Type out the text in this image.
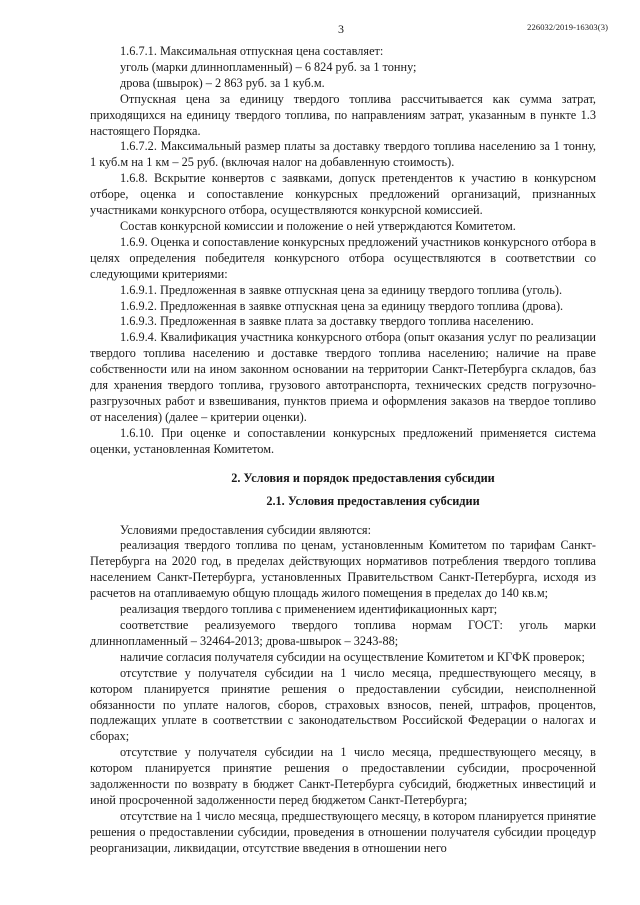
3	226032/2019-16303(3)

1.6.7.1. Максимальная отпускная цена составляет:

уголь (марки длиннопламенный) – 6 824 руб. за 1 тонну;

дрова (швырок) – 2 863 руб. за 1 куб.м.

Отпускная цена за единицу твердого топлива рассчитывается как сумма затрат, приходящихся на единицу твердого топлива, по направлениям затрат, указанным в пункте 1.3 настоящего Порядка.

1.6.7.2. Максимальный размер платы за доставку твердого топлива населению за 1 тонну, 1 куб.м на 1 км – 25 руб. (включая налог на добавленную стоимость).

1.6.8. Вскрытие конвертов с заявками, допуск претендентов к участию в конкурсном отборе, оценка и сопоставление конкурсных предложений организаций, признанных участниками конкурсного отбора, осуществляются конкурсной комиссией.

Состав конкурсной комиссии и положение о ней утверждаются Комитетом.

1.6.9. Оценка и сопоставление конкурсных предложений участников конкурсного отбора в целях определения победителя конкурсного отбора осуществляются в соответствии со следующими критериями:

1.6.9.1. Предложенная в заявке отпускная цена за единицу твердого топлива (уголь).

1.6.9.2. Предложенная в заявке отпускная цена за единицу твердого топлива (дрова).

1.6.9.3. Предложенная в заявке плата за доставку твердого топлива населению.

1.6.9.4. Квалификация участника конкурсного отбора (опыт оказания услуг по реализации твердого топлива населению и доставке твердого топлива населению; наличие на праве собственности или на ином законном основании на территории Санкт-Петербурга складов, баз для хранения твердого топлива, грузового автотранспорта, технических средств погрузочно-разгрузочных работ и взвешивания, пунктов приема и оформления заказов на твердое топливо от населения) (далее – критерии оценки).

1.6.10. При оценке и сопоставлении конкурсных предложений применяется система оценки, установленная Комитетом.

2. Условия и порядок предоставления субсидии
2.1. Условия предоставления субсидии

Условиями предоставления субсидии являются:

реализация твердого топлива по ценам, установленным Комитетом по тарифам Санкт-Петербурга на 2020 год, в пределах действующих нормативов потребления твердого топлива населением Санкт-Петербурга, установленных Правительством Санкт-Петербурга, исходя из расчетов на отапливаемую общую площадь жилого помещения в пределах до 140 кв.м;

реализация твердого топлива с применением идентификационных карт;

соответствие реализуемого твердого топлива нормам ГОСТ: уголь марки длиннопламенный – 32464-2013; дрова-швырок – 3243-88;

наличие согласия получателя субсидии на осуществление Комитетом и КГФК проверок;

отсутствие у получателя субсидии на 1 число месяца, предшествующего месяцу, в котором планируется принятие решения о предоставлении субсидии, неисполненной обязанности по уплате налогов, сборов, страховых взносов, пеней, штрафов, процентов, подлежащих уплате в соответствии с законодательством Российской Федерации о налогах и сборах;

отсутствие у получателя субсидии на 1 число месяца, предшествующего месяцу, в котором планируется принятие решения о предоставлении субсидии, просроченной задолженности по возврату в бюджет Санкт-Петербурга субсидий, бюджетных инвестиций и иной просроченной задолженности перед бюджетом Санкт-Петербурга;

отсутствие на 1 число месяца, предшествующего месяцу, в котором планируется принятие решения о предоставлении субсидии, проведения в отношении получателя субсидии процедур реорганизации, ликвидации, отсутствие введения в отношении него
